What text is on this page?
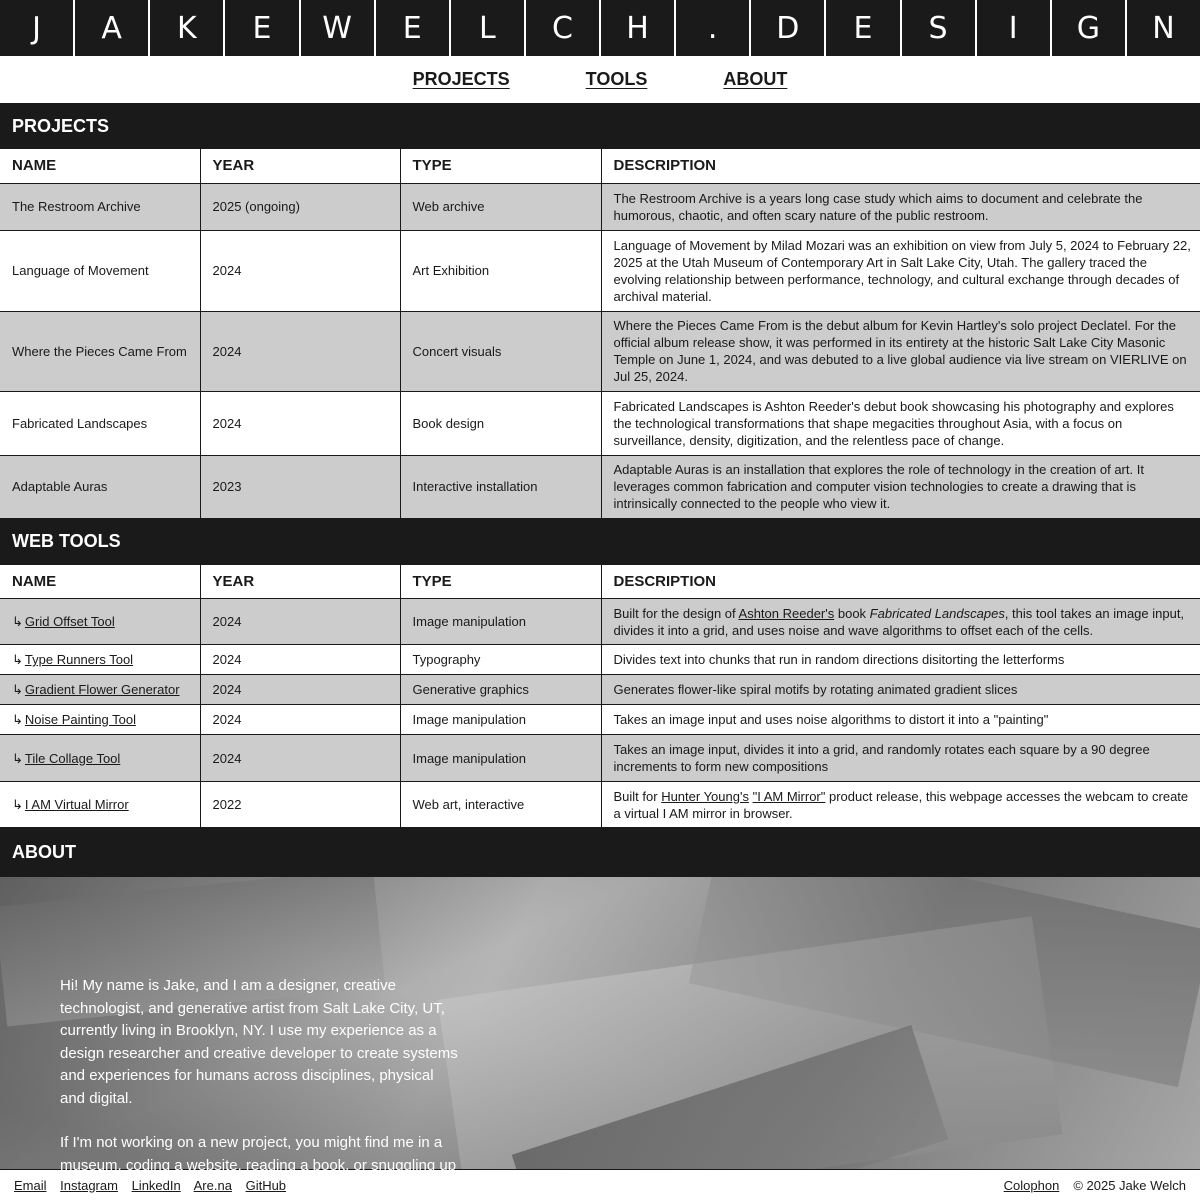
J	A	K	E	W	E	L	C	H	.	D	E	S	I	G	N
PROJECTS	TOOLS	ABOUT
PROJECTS
NAME	YEAR	TYPE	DESCRIPTION
The Restroom Archive	2025 (ongoing)	Web archive	The Restroom Archive is a years long case study which aims to document and celebrate the humorous, chaotic, and often scary nature of the public restroom.
Language of Movement	2024	Art Exhibition	Language of Movement by Milad Mozari was an exhibition on view from July 5, 2024 to February 22, 2025 at the Utah Museum of Contemporary Art in Salt Lake City, Utah. The gallery traced the evolving relationship between performance, technology, and cultural exchange through decades of archival material.
Where the Pieces Came From	2024	Concert visuals	Where the Pieces Came From is the debut album for Kevin Hartley's solo project Declatel. For the official album release show, it was performed in its entirety at the historic Salt Lake City Masonic Temple on June 1, 2024, and was debuted to a live global audience via live stream on VIERLIVE on Jul 25, 2024.
Fabricated Landscapes	2024	Book design	Fabricated Landscapes is Ashton Reeder's debut book showcasing his photography and explores the technological transformations that shape megacities throughout Asia, with a focus on surveillance, density, digitization, and the relentless pace of change.
Adaptable Auras	2023	Interactive installation	Adaptable Auras is an installation that explores the role of technology in the creation of art. It leverages common fabrication and computer vision technologies to create a drawing that is intrinsically connected to the people who view it.
WEB TOOLS
NAME	YEAR	TYPE	DESCRIPTION
↳ Grid Offset Tool	2024	Image manipulation	Built for the design of Ashton Reeder's book Fabricated Landscapes, this tool takes an image input, divides it into a grid, and uses noise and wave algorithms to offset each of the cells.
↳ Type Runners Tool	2024	Typography	Divides text into chunks that run in random directions disitorting the letterforms
↳ Gradient Flower Generator	2024	Generative graphics	Generates flower-like spiral motifs by rotating animated gradient slices
↳ Noise Painting Tool	2024	Image manipulation	Takes an image input and uses noise algorithms to distort it into a "painting"
↳ Tile Collage Tool	2024	Image manipulation	Takes an image input, divides it into a grid, and randomly rotates each square by a 90 degree increments to form new compositions
↳ I AM Virtual Mirror	2022	Web art, interactive	Built for Hunter Young's "I AM Mirror" product release, this webpage accesses the webcam to create a virtual I AM mirror in browser.
ABOUT

Hi! My name is Jake, and I am a designer, creative technologist, and generative artist from Salt Lake City, UT, currently living in Brooklyn, NY. I use my experience as a design researcher and creative developer to create systems and experiences for humans across disciplines, physical and digital.

If I'm not working on a new project, you might find me in a museum, coding a website, reading a book, or snuggling up

Email Instagram LinkedIn Are.na GitHub	Colophon © 2025 Jake Welch
